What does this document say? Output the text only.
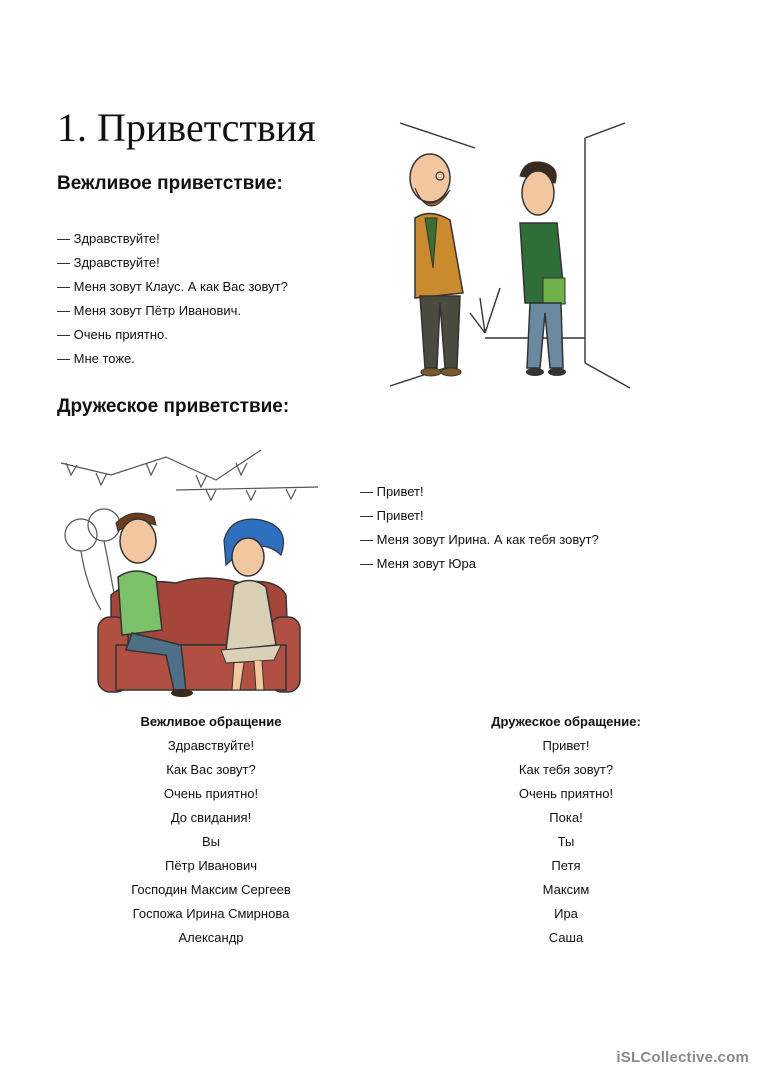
1. Приветствия
Вежливое приветствие:
— Здравствуйте!
— Здравствуйте!
— Меня зовут Клаус. А как Вас зовут?
— Меня зовут Пётр Иванович.
— Очень приятно.
— Мне тоже.
Дружеское приветствие:
— Привет!
— Привет!
— Меня зовут Ирина. А как тебя зовут?
— Меня зовут Юра
Вежливое обращение
Здравствуйте!
Как Вас зовут?
Очень приятно!
До свидания!
Вы
Пётр Иванович
Господин Максим Сергеев
Госпожа Ирина Смирнова
Александр
Дружеское обращение:
Привет!
Как тебя зовут?
Очень приятно!
Пока!
Ты
Петя
Максим
Ира
Саша
iSLCollective.com
